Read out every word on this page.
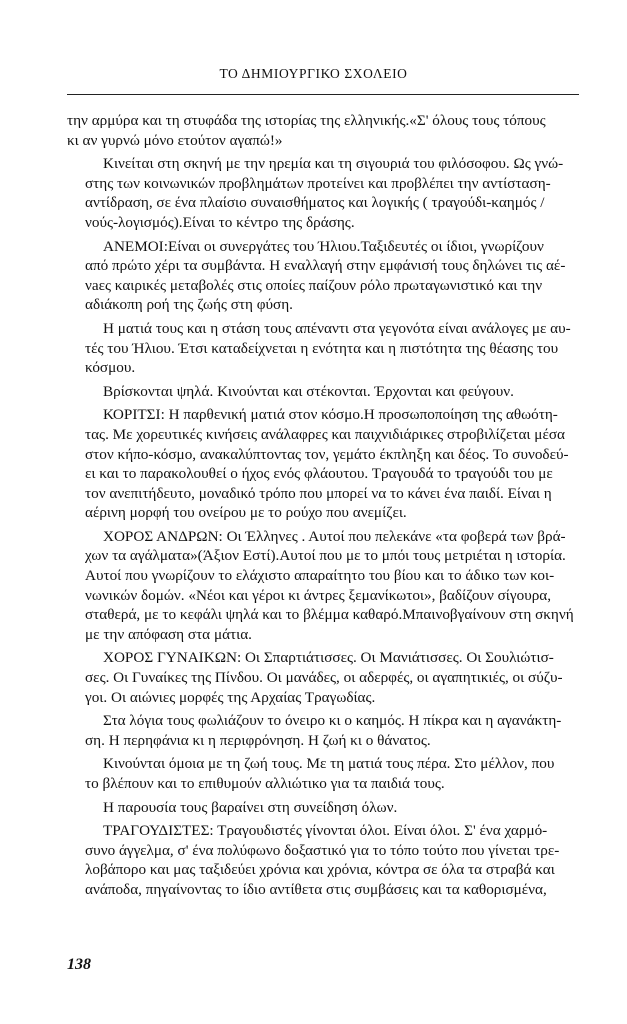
ΤΟ ΔΗΜΙΟΥΡΓΙΚΟ ΣΧΟΛΕΙΟ

την αρμύρα και τη στυφάδα της ιστορίας της ελληνικής.«Σ' όλους τους τόπους
κι αν γυρνώ μόνο ετούτον αγαπώ!»

Κινείται στη σκηνή με την ηρεμία και τη σιγουριά του φιλόσοφου. Ως γνώ-
στης των κοινωνικών προβλημάτων προτείνει και προβλέπει την αντίσταση-
αντίδραση, σε ένα πλαίσιο συναισθήματος και λογικής ( τραγούδι-καημός /
νούς-λογισμός).Είναι το κέντρο της δράσης.

ΑΝΕΜΟΙ:Είναι οι συνεργάτες του Ήλιου.Ταξιδευτές οι ίδιοι, γνωρίζουν
από πρώτο χέρι τα συμβάντα. Η εναλλαγή στην εμφάνισή τους δηλώνει τις αέ-
νaες καιρικές μεταβολές στις οποίες παίζουν ρόλο πρωταγωνιστικό και την
αδιάκοπη ροή της ζωής στη φύση.

Η ματιά τους και η στάση τους απέναντι στα γεγονότα είναι ανάλογες με αυ-
τές του Ήλιου. Έτσι καταδείχνεται η ενότητα και η πιστότητα της θέασης του
κόσμου.

Βρίσκονται ψηλά. Κινούνται και στέκονται. Έρχονται και φεύγουν.

ΚΟΡΙΤΣΙ: Η παρθενική ματιά στον κόσμο.Η προσωποποίηση της αθωότη-
τας. Με χορευτικές κινήσεις ανάλαφρες και παιχνιδιάρικες στροβιλίζεται μέσα
στον κήπο-κόσμο, ανακαλύπτοντας τον, γεμάτο έκπληξη και δέος. Το συνοδεύ-
ει και το παρακολουθεί ο ήχος ενός φλάουτου. Τραγουδά το τραγούδι του με
τον ανεπιτήδευτο, μοναδικό τρόπο που μπορεί να το κάνει ένα παιδί. Είναι η
αέρινη μορφή του ονείρου με το ρούχο που ανεμίζει.

ΧΟΡΟΣ ΑΝΔΡΩΝ: Οι Έλληνες . Αυτοί που πελεκάνε «τα φοβερά των βρά-
χων τα αγάλματα»(Άξιον Εστί).Αυτοί που με το μπόι τους μετριέται η ιστορία.
Αυτοί που γνωρίζουν το ελάχιστο απαραίτητο του βίου και το άδικο των κοι-
νωνικών δομών. «Νέοι και γέροι κι άντρες ξεμανίκωτοι», βαδίζουν σίγουρα,
σταθερά, με το κεφάλι ψηλά και το βλέμμα καθαρό.Μπαινοβγαίνουν στη σκηνή
με την απόφαση στα μάτια.

ΧΟΡΟΣ ΓΥΝΑΙΚΩΝ: Οι Σπαρτιάτισσες. Οι Μανιάτισσες. Οι Σουλιώτισ-
σες. Οι Γυναίκες της Πίνδου. Οι μανάδες, οι αδερφές, οι αγαπητικιές, οι σύζυ-
γοι. Οι αιώνιες μορφές της Αρχαίας Τραγωδίας.

Στα λόγια τους φωλιάζουν το όνειρο κι ο καημός. Η πίκρα και η αγανάκτη-
ση. Η περηφάνια κι η περιφρόνηση. Η ζωή κι ο θάνατος.

Κινούνται όμοια με τη ζωή τους. Με τη ματιά τους πέρα. Στο μέλλον, που
το βλέπουν και το επιθυμούν αλλιώτικο για τα παιδιά τους.

Η παρουσία τους βαραίνει στη συνείδηση όλων.

ΤΡΑΓΟΥΔΙΣΤΕΣ: Τραγουδιστές γίνονται όλοι. Είναι όλοι. Σ' ένα χαρμό-
συνο άγγελμα, σ' ένα πολύφωνο δοξαστικό για το τόπο τούτο που γίνεται τρε-
λοβάπορο και μας ταξιδεύει χρόνια και χρόνια, κόντρα σε όλα τα στραβά και
ανάποδα, πηγαίνοντας το ίδιο αντίθετα στις συμβάσεις και τα καθορισμένα,

138
